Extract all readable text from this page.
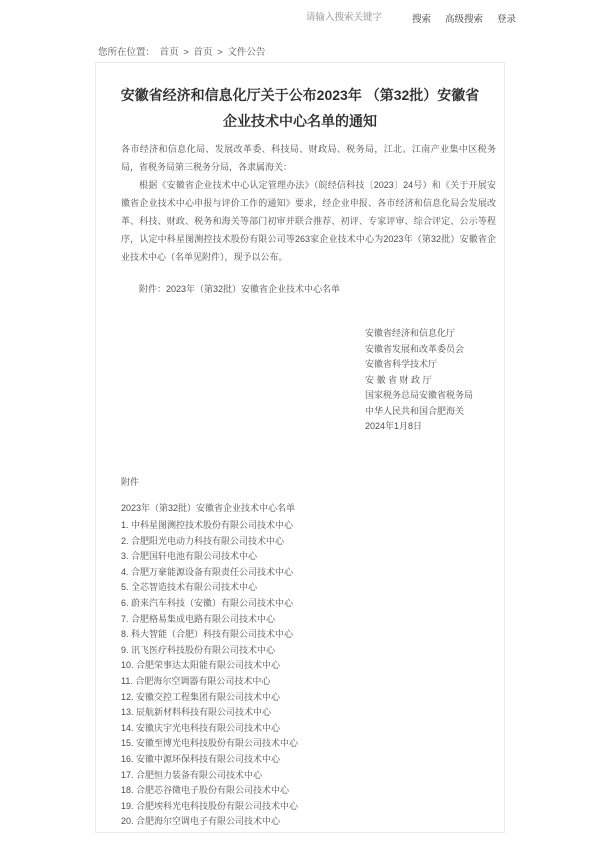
请输入搜索关键字
搜索 高级搜索 登录
您所在位置： 首页 > 首页 > 文件公告
安徽省经济和信息化厅关于公布2023年 （第32批）安徽省
企业技术中心名单的通知

各市经济和信息化局、发展改革委、科技局、财政局、税务局，江北、江南产业集中区税务局，省税务局第三税务分局，各隶属海关：

根据《安徽省企业技术中心认定管理办法》（皖经信科技〔2023〕24号）和《关于开展安徽省企业技术中心申报与评价工作的通知》要求，经企业申报、各市经济和信息化局会发展改革、科技、财政、税务和海关等部门初审并联合推荐、初评、专家评审、综合评定、公示等程序，认定中科星图测控技术股份有限公司等263家企业技术中心为2023年（第32批）安徽省企业技术中心（名单见附件），现予以公布。

附件：2023年（第32批）安徽省企业技术中心名单

安徽省经济和信息化厅
安徽省发展和改革委员会
安徽省科学技术厅
安 徽 省 财 政 厅
国家税务总局安徽省税务局
中华人民共和国合肥海关
2024年1月8日
附件
2023年（第32批）安徽省企业技术中心名单
1. 中科星图测控技术股份有限公司技术中心
2. 合肥阳光电动力科技有限公司技术中心
3. 合肥国轩电池有限公司技术中心
4. 合肥万豪能源设备有限责任公司技术中心
5. 全芯智造技术有限公司技术中心
6. 蔚来汽车科技（安徽）有限公司技术中心
7. 合肥格易集成电路有限公司技术中心
8. 科大智能（合肥）科技有限公司技术中心
9. 讯飞医疗科技股份有限公司技术中心
10. 合肥荣事达太阳能有限公司技术中心
11. 合肥海尔空调器有限公司技术中心
12. 安徽交控工程集团有限公司技术中心
13. 辰航新材料科技有限公司技术中心
14. 安徽庆宇光电科技有限公司技术中心
15. 安徽至博光电科技股份有限公司技术中心
16. 安徽中源环保科技有限公司技术中心
17. 合肥恒力装备有限公司技术中心
18. 合肥芯谷微电子股份有限公司技术中心
19. 合肥埃科光电科技股份有限公司技术中心
20. 合肥海尔空调电子有限公司技术中心
